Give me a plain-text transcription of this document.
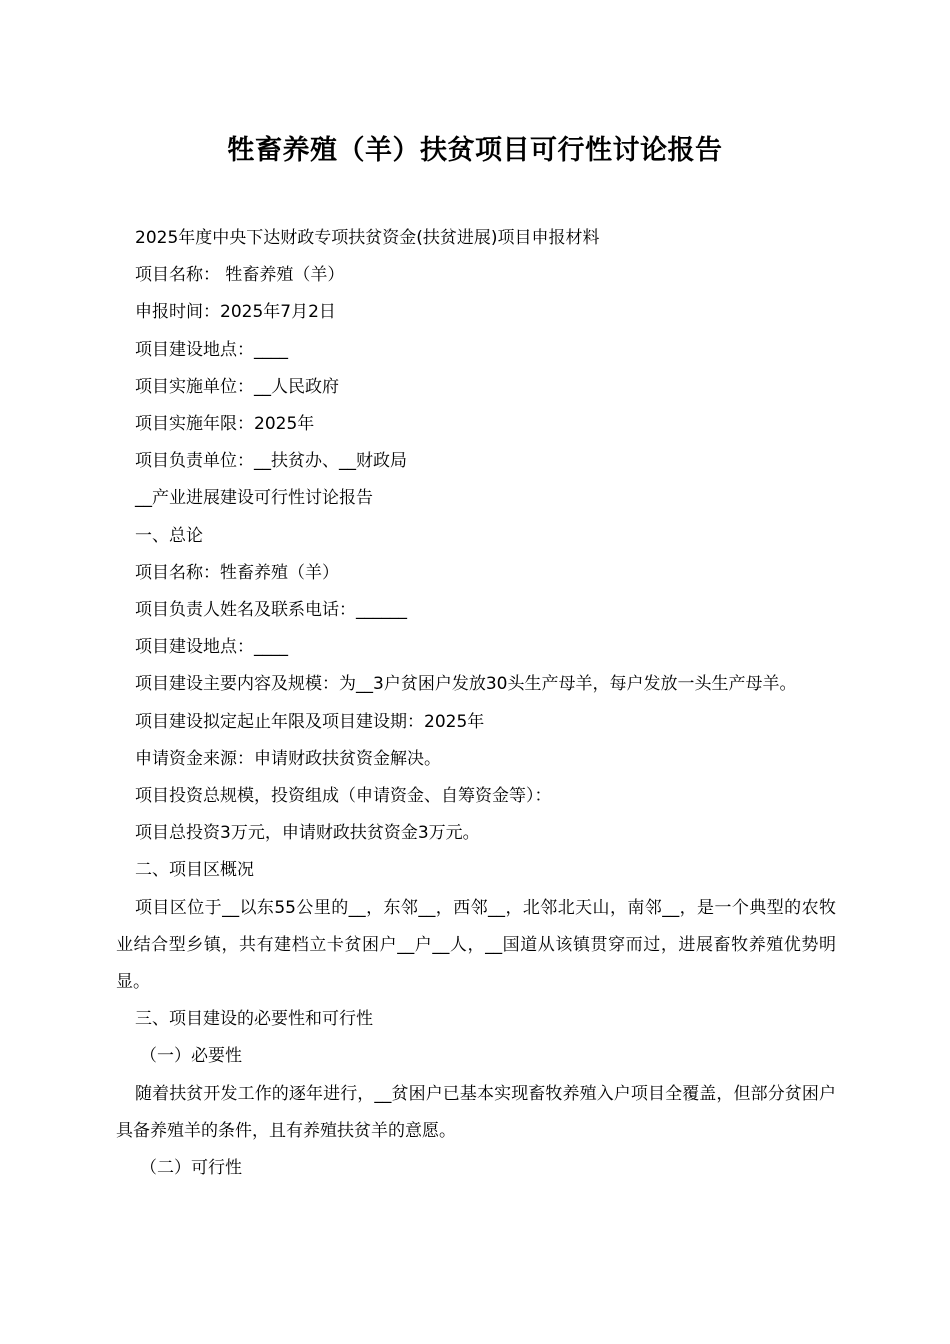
牲畜养殖（羊）扶贫项目可行性讨论报告

2025年度中央下达财政专项扶贫资金(扶贫进展)项目申报材料

项目名称： 牲畜养殖（羊）

申报时间：2025年7月2日

项目建设地点：____

项目实施单位：__人民政府

项目实施年限：2025年

项目负责单位：__扶贫办、__财政局

__产业进展建设可行性讨论报告

一、总论

项目名称：牲畜养殖（羊）

项目负责人姓名及联系电话：______

项目建设地点：____

项目建设主要内容及规模：为__3户贫困户发放30头生产母羊，每户发放一头生产母羊。

项目建设拟定起止年限及项目建设期：2025年

申请资金来源：申请财政扶贫资金解决。

项目投资总规模，投资组成（申请资金、自筹资金等）：

项目总投资3万元，申请财政扶贫资金3万元。

二、项目区概况

项目区位于__以东55公里的__，东邻__，西邻__，北邻北天山，南邻__，是一个典型的农牧业结合型乡镇，共有建档立卡贫困户__户__人，__国道从该镇贯穿而过，进展畜牧养殖优势明显。

三、项目建设的必要性和可行性

（一）必要性

随着扶贫开发工作的逐年进行，__贫困户已基本实现畜牧养殖入户项目全覆盖，但部分贫困户具备养殖羊的条件，且有养殖扶贫羊的意愿。

（二）可行性
